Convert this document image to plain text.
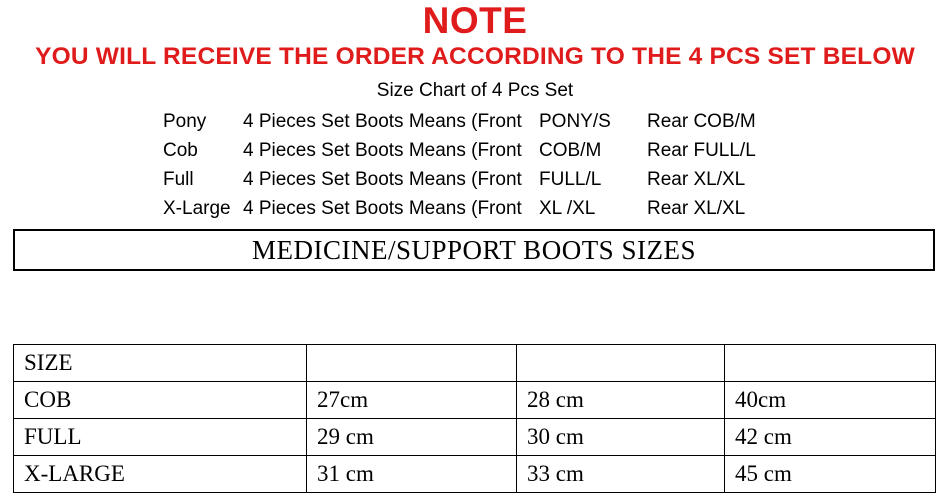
NOTE
YOU WILL RECEIVE THE ORDER ACCORDING TO THE 4 PCS SET BELOW
Size Chart of 4 Pcs Set
Pony	4 Pieces Set Boots Means (Front	PONY/S	Rear COB/M
Cob	4 Pieces Set Boots Means (Front	COB/M	Rear FULL/L
Full	4 Pieces Set Boots Means (Front	FULL/L	Rear XL/XL
X-Large	4 Pieces Set Boots Means (Front	XL /XL	Rear XL/XL
MEDICINE/SUPPORT BOOTS SIZES
SIZE			
COB	27cm	28 cm	40cm
FULL	29 cm	30 cm	42 cm
X-LARGE	31 cm	33 cm	45 cm
